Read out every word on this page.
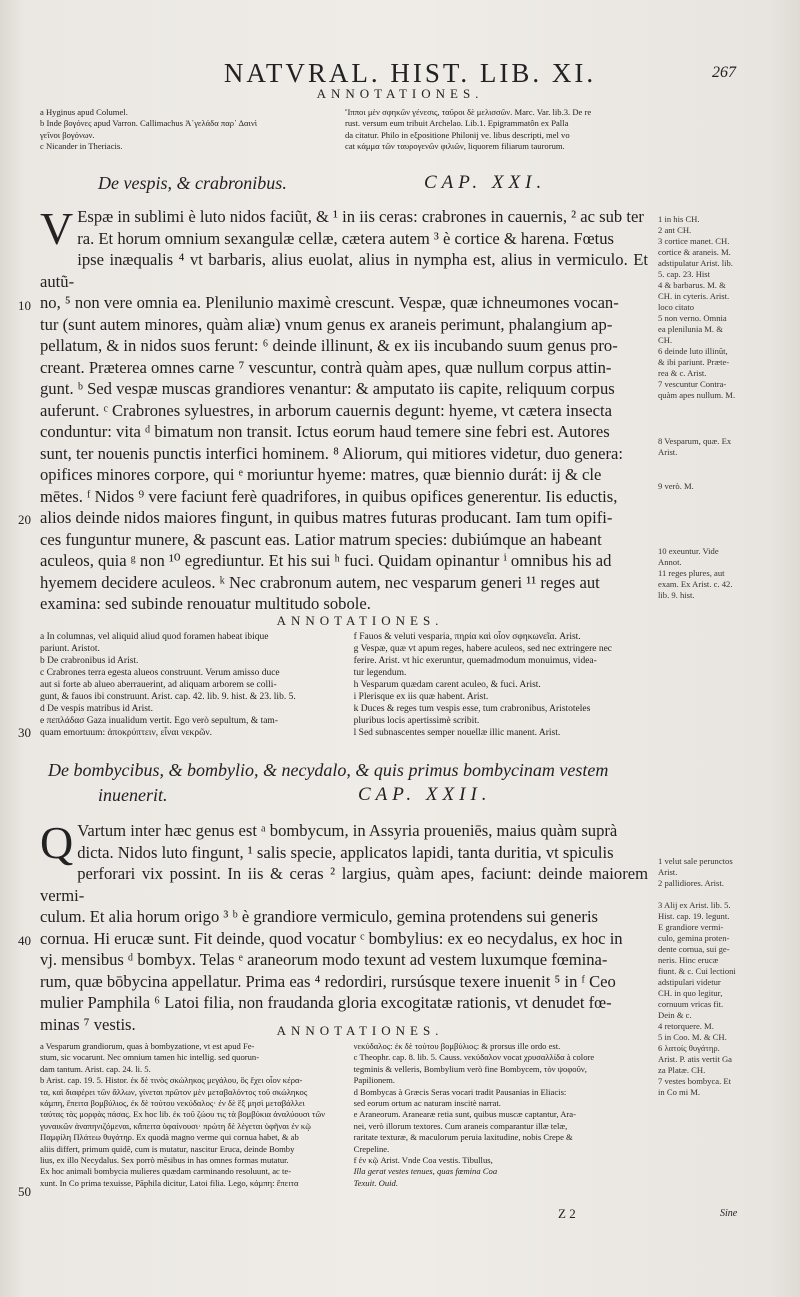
NATVRAL. HIST. LIB. XI.	267
ANNOTATIONES.
a Hyginus apud Columel.
b Inde βογόνες apud Varron. Callimachus Ἀ᾽γελάδα παρ᾽ Δαινὶ
γεῖνοι βογόνων.
c Nicander in Theriacis.
Ἵπποι μὲν σφηκῶν γένεσις, ταῦροι δὲ μελισσῶν. Marc. Var. lib.3. De re
rust. versum eum tribuit Archelao. Lib.1. Epigrammatôn ex Palla
da citatur. Philo in eξpositione Philonij ve. libus descripti, mel vo
cat κάμμα τῶν ταυρογενῶν φιλιῶν, liquorem filiarum taurorum.
De vespis, & crabronibus.	CAP. XXI.
V Espæ in sublimi è luto nidos faciũt, & ¹ in iis ceras: crabrones in cauernis, ² ac sub ter

ra. Et horum omnium sexangulæ cellæ, cætera autem ³ è cortice & harena. Fœtus

ipse inæqualis ⁴ vt barbaris, alius euolat, alius in nympha est, alius in vermiculo. Et autũ-

no, ⁵ non vere omnia ea. Plenilunio maximè crescunt. Vespæ, quæ ichneumones vocan-

tur (sunt autem minores, quàm aliæ) vnum genus ex araneis perimunt, phalangium ap-

pellatum, & in nidos suos ferunt: ⁶ deinde illinunt, & ex iis incubando suum genus pro-

creant. Præterea omnes carne ⁷ vescuntur, contrà quàm apes, quæ nullum corpus attin-

gunt. ᵇ Sed vespæ muscas grandiores venantur: & amputato iis capite, reliquum corpus

auferunt. ᶜ Crabrones syluestres, in arborum cauernis degunt: hyeme, vt cætera insecta

conduntur: vita ᵈ bimatum non transit. Ictus eorum haud temere sine febri est. Autores

sunt, ter nouenis punctis interfici hominem. ⁸ Aliorum, qui mitiores videtur, duo genera:

opifices minores corpore, qui ᵉ moriuntur hyeme: matres, quæ biennio durát: ij & cle

mētes. ᶠ Nidos ⁹ vere faciunt ferè quadrifores, in quibus opifices generentur. Iis eductis,

alios deinde nidos maiores fingunt, in quibus matres futuras producant. Iam tum opifi-

ces funguntur munere, & pascunt eas. Latior matrum species: dubiúmque an habeant

aculeos, quia ᵍ non ¹⁰ egrediuntur. Et his sui ʰ fuci. Quidam opinantur ⁱ omnibus his ad

hyemem decidere aculeos. ᵏ Nec crabronum autem, nec vesparum generi ¹¹ reges aut

examina: sed subinde renouatur multitudo sobole.

10
20
1 in his CH.
2 ant CH.
3 cortice manet. CH.
cortice & araneis. M.
adstipulatur Arist. lib.
5. cap. 23. Hist
4 & barbarus. M. &
CH. in cyteris. Arist.
loco citato
5 non verno. Omnia
ea plenilunia M. &
CH.
6 deinde luto illinũt,
& ibi pariunt. Præte-
rea & c. Arist.
7 vescuntur Contra-
quàm apes nullum. M.
8 Vesparum, quæ. Ex
Arist.
9 verò. M.
10 exeuntur. Vide
Annot.
11 reges plures, aut
exam. Ex Arist. c. 42.
lib. 9. hist.
ANNOTATIONES.
a In columnas, vel aliquid aliud quod foramen habeat ibique
pariunt. Aristot.
b De crabronibus id Arist.
c Crabrones terra egesta alueos construunt. Verum amisso duce
aut si forte ab alueo aberrauerint, ad aliquam arborem se colli-
gunt, & fauos ibi construunt. Arist. cap. 42. lib. 9. hist. & 23. lib. 5.
d De vespis matribus id Arist.
e πεπλάδασ Gaza inualidum vertit. Ego verò sepultum, & tam-
quam emortuum: ἀποκρύπτειν, εἶναι νεκρῶν.
f Fauos & veluti vesparia, πηρία καὶ οἷον σφηκωνεῖα. Arist.
g Vespæ, quæ vt apum reges, habere aculeos, sed nec extringere nec
ferire. Arist. vt hic exeruntur, quemadmodum monuimus, videa-
tur legendum.
h Vesparum quædam carent aculeo, & fuci. Arist.
i Plerisque ex iis quæ habent. Arist.
k Duces & reges tum vespis esse, tum crabronibus, Aristoteles
pluribus locis apertissimè scribit.
l Sed subnascentes semper nouellæ illic manent. Arist.
30
De bombycibus, & bombylio, & necydalo, & quis primus bombycinam vestem
inuenerit.	CAP. XXII.
Q Vartum inter hæc genus est ᵃ bombycum, in Assyria proueniēs, maius quàm suprà

dicta. Nidos luto fingunt, ¹ salis specie, applicatos lapidi, tanta duritia, vt spiculis

perforari vix possint. In iis & ceras ² largius, quàm apes, faciunt: deinde maiorem vermi-

culum. Et alia horum origo ³ ᵇ è grandiore vermiculo, gemina protendens sui generis

cornua. Hi erucæ sunt. Fit deinde, quod vocatur ᶜ bombylius: ex eo necydalus, ex hoc in

vj. mensibus ᵈ bombyx. Telas ᵉ araneorum modo texunt ad vestem luxumque fœmina-

rum, quæ bōbycina appellatur. Prima eas ⁴ redordiri, rursúsque texere inuenit ⁵ in ᶠ Ceo

mulier Pamphila ⁶ Latoi filia, non fraudanda gloria excogitatæ rationis, vt denudet fœ-

minas ⁷ vestis.

40
1 velut sale perunctos
Arist.
2 pallidiores. Arist.
3 Alij ex Arist. lib. 5.
Hist. cap. 19. legunt.
E grandiore vermi-
culo, gemina proten-
dente cornua, sui ge-
neris. Hinc erucæ
fiunt. & c. Cui lectioni
adstipulari videtur
CH. in quo legitur,
cornuum vricas fit.
Dein & c.
4 retorquere. M.
5 in Coo. M. & CH.
6 λατοίς θυγάτηρ.
Arist. P. atis vertit Ga
za Platæ. CH.
7 vestes bombyca. Et
in Co mi M.
ANNOTATIONES.
a Vesparum grandiorum, quas à bombyzatione, vt est apud Fe-
stum, sic vocarunt. Nec omnium tamen hic intellig. sed quorun-
dam tantum. Arist. cap. 24. li. 5.
b Arist. cap. 19. 5. Histor. ἐκ δὲ τινὸς σκώληκος μεγάλου, ὃς ἔχει οἷον κέρα-
τα, καὶ διαφέρει τῶν ἄλλων, γίνεται πρῶτον μὲν μεταβαλόντος τοῦ σκώληκος
κάμπη, ἔπειτα βομβύλιος, ἐκ δὲ τούτου νεκύδαλος· ἐν δὲ ἓξ μησὶ μεταβάλλει
ταύτας τὰς μορφὰς πάσας. Ex hoc lib. ἐκ τοῦ ζώου τις τὰ βομβύκια ἀναλύουσι τῶν
γυναικῶν ἀναπηνιζόμεναι, κἄπειτα ὑφαίνουσι· πρώτη δὲ λέγεται ὑφῆναι ἐν κῷ
Παμφίλη Πλάτεω θυγάτηρ. Ex quodà magno verme qui cornua habet, & ab
aliis differt, primum quidē, cum is mutatur, nascitur Eruca, deinde Bomby
lius, ex illo Necydalus. Sex porrò mēsibus in has omnes formas mutatur.
Ex hoc animali bombycia mulieres quædam carminando resoluunt, ac te-
xunt. In Co prima texuisse, Pāphila dicitur, Latoi filia. Lego, κάμπη: ἔπειτα
νεκύδαλος: ἐκ δὲ τούτου βομβύλιος: & prorsus ille ordo est.
c Theophr. cap. 8. lib. 5. Causs. νεκύδαλον vocat χρυσαλλίδα à colore
tegminis & velleris, Bombylium verò fine Bombycem, τὸν ψοφοῦν,
Papilionem.
d Bombycas à Græcis Seras vocari tradit Pausanias in Eliacis:
sed eorum ortum ac naturam inscitè narrat.
e Araneorum. Aranearæ retia sunt, quibus muscæ captantur, Ara-
nei, verò illorum textores. Cum araneis comparantur illæ telæ,
raritate texturæ, & maculorum peruia laxitudine, nobis Crepe &
Crepeline.
f ἐν κῷ Arist. Vnde Coa vestis. Tibullus,
Illa gerat vestes tenues, quas fœmina Coa
Texuit. Ouid.
50
Z 2	Sine
